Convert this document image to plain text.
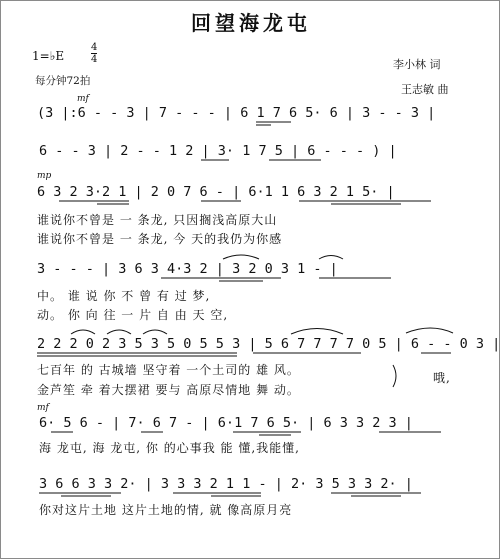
回望海龙屯
1=♭E	$\frac{4}{4}$
每分钟72拍
李小林 词
王志敏 曲
mf
mp
mf
(3 |:6 - - 3 | 7 - - - | 6 1 7 6 5· 6 | 3 - - 3 |
6 - - 3 | 2 - - 1 2 | 3· 1 7 5 | 6 - - - ) |
6 3 2 3·2 1 | 2 0 7 6 - | 6·1 1 6 3 2 1 5· |
谁说你不曾是 一 条龙, 只因搁浅高原大山
谁说你不曾是 一 条龙, 今 天的我仍为你感
3 - - - | 3 6 3 4·3 2 | 3 2 0 3 1 - |
中。 谁 说 你 不 曾 有 过 梦,
动。 你 向 往 一 片 自 由 天 空,
2 2 2 0 2 3 5 3 5 0 5 5 3 | 5 6 7 7 7 7 0 5 | 6 - - 0 3 |
七百年 的 古城墙 坚守着 一个土司的 雄 风。
金芦笙 牵 着大摆裙 要与 高原尽情地 舞 动。
哦,
6· 5 6 - | 7· 6 7 - | 6·1 7 6 5· | 6 3 3 2 3 |
海 龙屯, 海 龙屯, 你 的心事我 能 懂,我能懂,
3 6 6 3 3 2· | 3 3 3 2 1 1 - | 2· 3 5 3 3 2· |
你对这片土地 这片土地的情, 就 像高原月亮
